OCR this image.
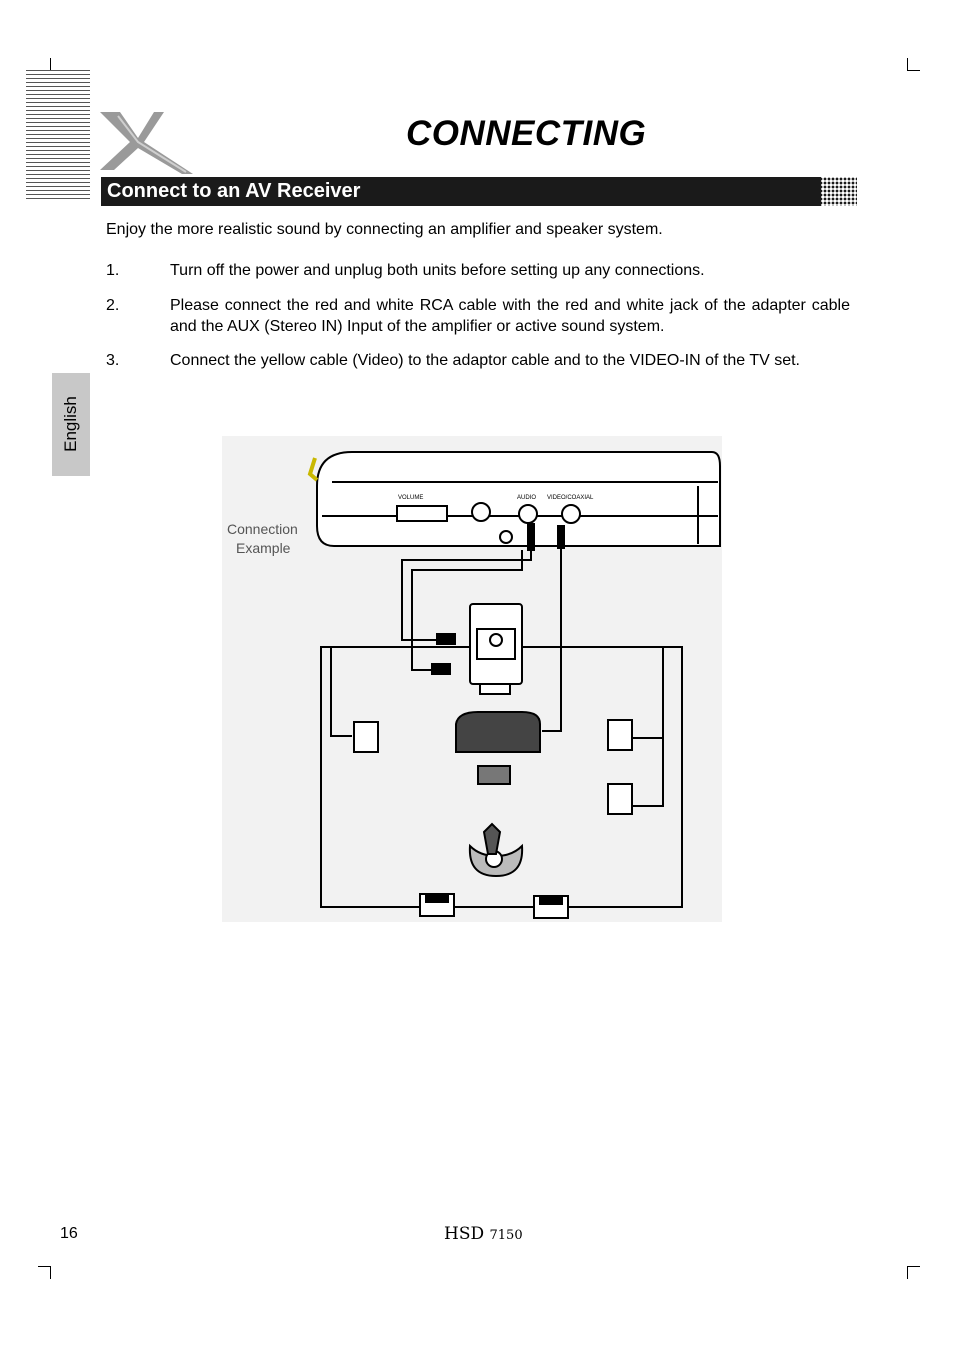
CONNECTING
Connect to an AV Receiver
Enjoy the more realistic sound by connecting an amplifier and speaker system.
1.	Turn off the power and unplug both units before setting up any connections.
2.	Please connect the red and white RCA cable with the red and white jack of the adapter cable and the AUX (Stereo IN) Input of the amplifier or active sound system.
3.	Connect the yellow cable (Video) to the adaptor cable and to the VIDEO-IN of the TV set.
English
VOLUME	AUDIO VIDEO/COAXIAL
Connection
Example
16	HSD 7150
